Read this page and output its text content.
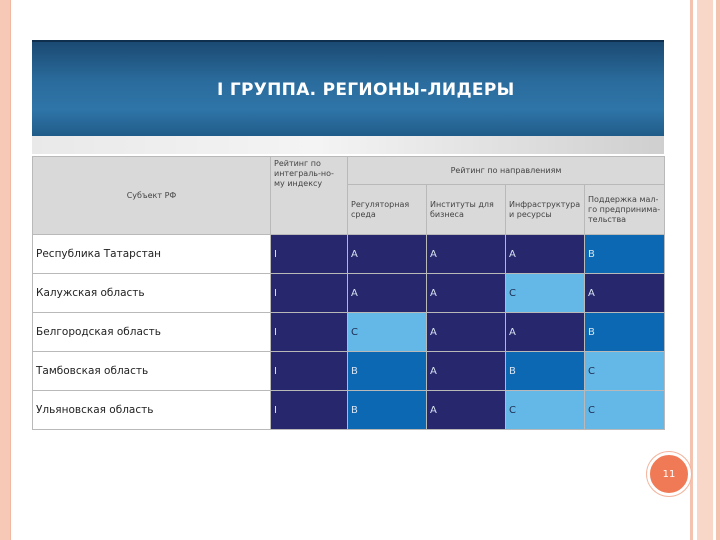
I ГРУППА. РЕГИОНЫ-ЛИДЕРЫ
Субъект РФ	Рейтинг по интеграль-но-му индексу	Рейтинг по направлениям			
		Регуляторная среда	Институты для бизнеса	Инфраструктура и ресурсы	Поддержка мал-го предпринима-тельства
Республика Татарстан	I	A	A	A	B
Калужская область	I	A	A	C	A
Белгородская область	I	C	A	A	B
Тамбовская область	I	B	A	B	C
Ульяновская область	I	B	A	C	C
11
